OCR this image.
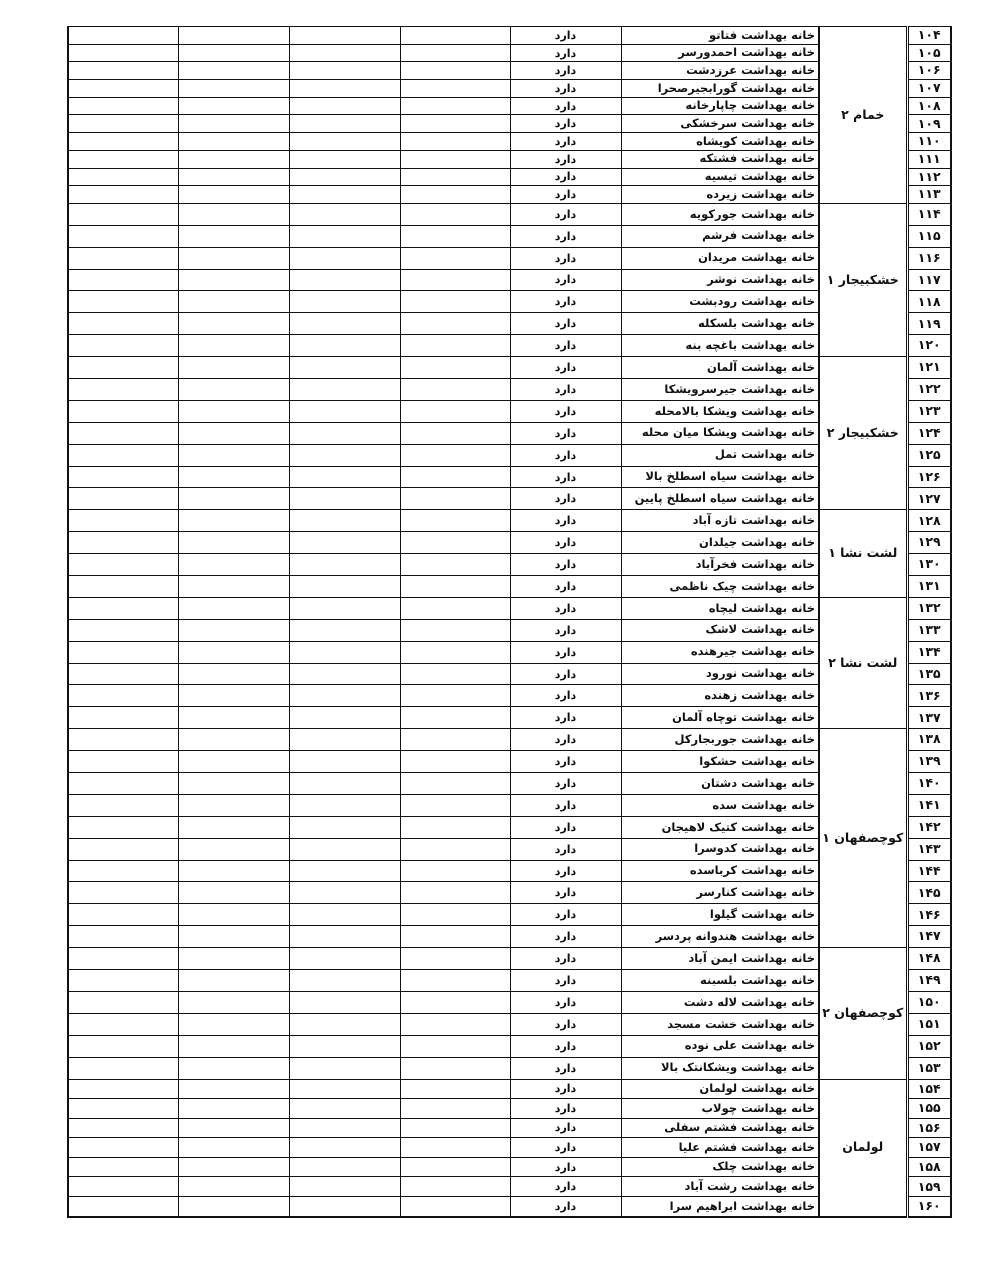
				دارد	خانه بهداشت فتاتو	خمام ۲	۱۰۴
				دارد	خانه بهداشت احمدورسر		۱۰۵
				دارد	خانه بهداشت عرزدشت		۱۰۶
				دارد	خانه بهداشت گورابجیرصحرا		۱۰۷
				دارد	خانه بهداشت چاپارخانه		۱۰۸
				دارد	خانه بهداشت سرخشکی		۱۰۹
				دارد	خانه بهداشت کویشاه		۱۱۰
				دارد	خانه بهداشت فشتکه		۱۱۱
				دارد	خانه بهداشت تیسیه		۱۱۲
				دارد	خانه بهداشت زیرده		۱۱۳
				دارد	خانه بهداشت جورکویه	خشکبیجار ۱	۱۱۴
				دارد	خانه بهداشت فرشم		۱۱۵
				دارد	خانه بهداشت مریدان		۱۱۶
				دارد	خانه بهداشت نوشر		۱۱۷
				دارد	خانه بهداشت رودبشت		۱۱۸
				دارد	خانه بهداشت بلسکله		۱۱۹
				دارد	خانه بهداشت باغچه بنه		۱۲۰
				دارد	خانه بهداشت آلمان	خشکبیجار ۲	۱۲۱
				دارد	خانه بهداشت جیرسرویشکا		۱۲۲
				دارد	خانه بهداشت ویشکا بالامحله		۱۲۳
				دارد	خانه بهداشت ویشکا میان محله		۱۲۴
				دارد	خانه بهداشت تمل		۱۲۵
				دارد	خانه بهداشت سیاه اسطلخ بالا		۱۲۶
				دارد	خانه بهداشت سیاه اسطلخ پایین		۱۲۷
				دارد	خانه بهداشت تازه آباد	لشت نشا ۱	۱۲۸
				دارد	خانه بهداشت جیلدان		۱۲۹
				دارد	خانه بهداشت فخرآباد		۱۳۰
				دارد	خانه بهداشت چیک ناظمی		۱۳۱
				دارد	خانه بهداشت لیچاه	لشت نشا ۲	۱۳۲
				دارد	خانه بهداشت لاشک		۱۳۳
				دارد	خانه بهداشت جیرهنده		۱۳۴
				دارد	خانه بهداشت نورود		۱۳۵
				دارد	خانه بهداشت زهنده		۱۳۶
				دارد	خانه بهداشت توچاه آلمان		۱۳۷
				دارد	خانه بهداشت جوربجارکل	کوچصفهان ۱	۱۳۸
				دارد	خانه بهداشت حشکوا		۱۳۹
				دارد	خانه بهداشت دشتان		۱۴۰
				دارد	خانه بهداشت سده		۱۴۱
				دارد	خانه بهداشت کتیک لاهیجان		۱۴۲
				دارد	خانه بهداشت کدوسرا		۱۴۳
				دارد	خانه بهداشت کرباسده		۱۴۴
				دارد	خانه بهداشت کنارسر		۱۴۵
				دارد	خانه بهداشت گیلوا		۱۴۶
				دارد	خانه بهداشت هندوانه پردسر		۱۴۷
				دارد	خانه بهداشت ایمن آباد	کوچصفهان ۲	۱۴۸
				دارد	خانه بهداشت بلسبنه		۱۴۹
				دارد	خانه بهداشت لاله دشت		۱۵۰
				دارد	خانه بهداشت خشت مسجد		۱۵۱
				دارد	خانه بهداشت علی نوده		۱۵۲
				دارد	خانه بهداشت ویشکانتک بالا		۱۵۳
				دارد	خانه بهداشت لولمان	لولمان	۱۵۴
				دارد	خانه بهداشت چولاب		۱۵۵
				دارد	خانه بهداشت فشتم سفلی		۱۵۶
				دارد	خانه بهداشت فشتم علیا		۱۵۷
				دارد	خانه بهداشت چلک		۱۵۸
				دارد	خانه بهداشت رشت آباد		۱۵۹
				دارد	خانه بهداشت ابراهیم سرا		۱۶۰
